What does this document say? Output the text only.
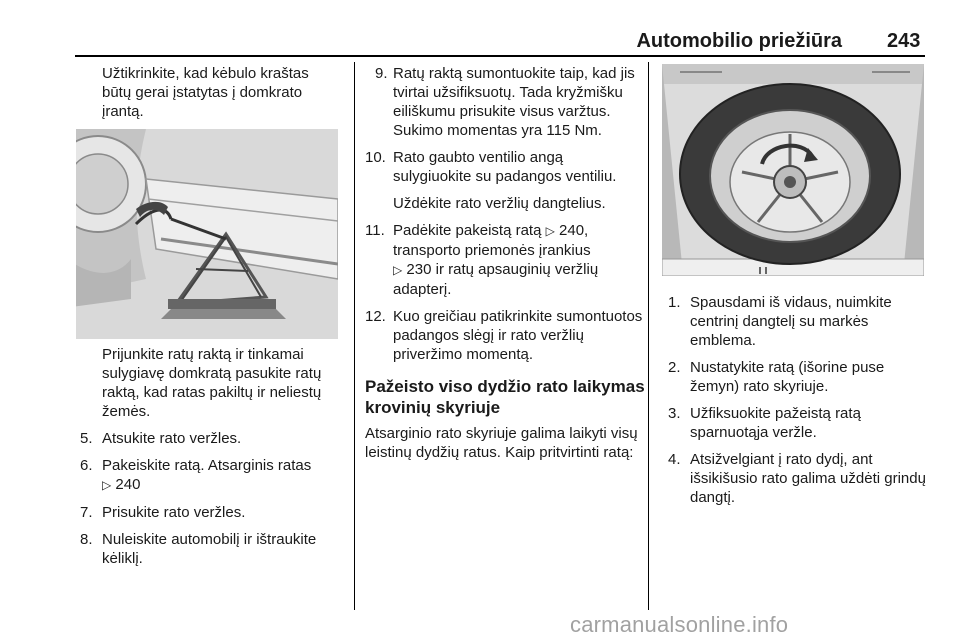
Automobilio priežiūra 243

Užtikrinkite, kad kėbulo kraštas būtų gerai įstatytas į domkrato įrantą.

Prijunkite ratų raktą ir tinkamai sulygiavę domkratą pasukite ratų raktą, kad ratas pakiltų ir neliestų žemės.

5. Atsukite rato veržles.
6. Pakeiskite ratą. Atsarginis ratas
▷ 240
7. Prisukite rato veržles.
8. Nuleiskite automobilį ir ištraukite kėliklį.
9. Ratų raktą sumontuokite taip, kad jis tvirtai užsifiksuotų. Tada kryžmišku eiliškumu prisukite visus varžtus. Sukimo momentas yra 115 Nm.
10. Rato gaubto ventilio angą sulygiuokite su padangos ventiliu.

Uždėkite rato veržlių dangtelius.

11. Padėkite pakeistą ratą ▷ 240,
transporto priemonės įrankius
▷ 230 ir ratų apsauginių veržlių adapterį.
12. Kuo greičiau patikrinkite sumontuotos padangos slėgį ir rato veržlių priveržimo momentą.
Pažeisto viso dydžio rato laikymas krovinių skyriuje

Atsarginio rato skyriuje galima laikyti visų leistinų dydžių ratus. Kaip pritvirtinti ratą:

1. Spausdami iš vidaus, nuimkite centrinį dangtelį su markės emblema.
2. Nustatykite ratą (išorine puse žemyn) rato skyriuje.
3. Užfiksuokite pažeistą ratą sparnuotąja veržle.
4. Atsižvelgiant į rato dydį, ant išsikišusio rato galima uždėti grindų dangtį.
carmanualsonline.info
